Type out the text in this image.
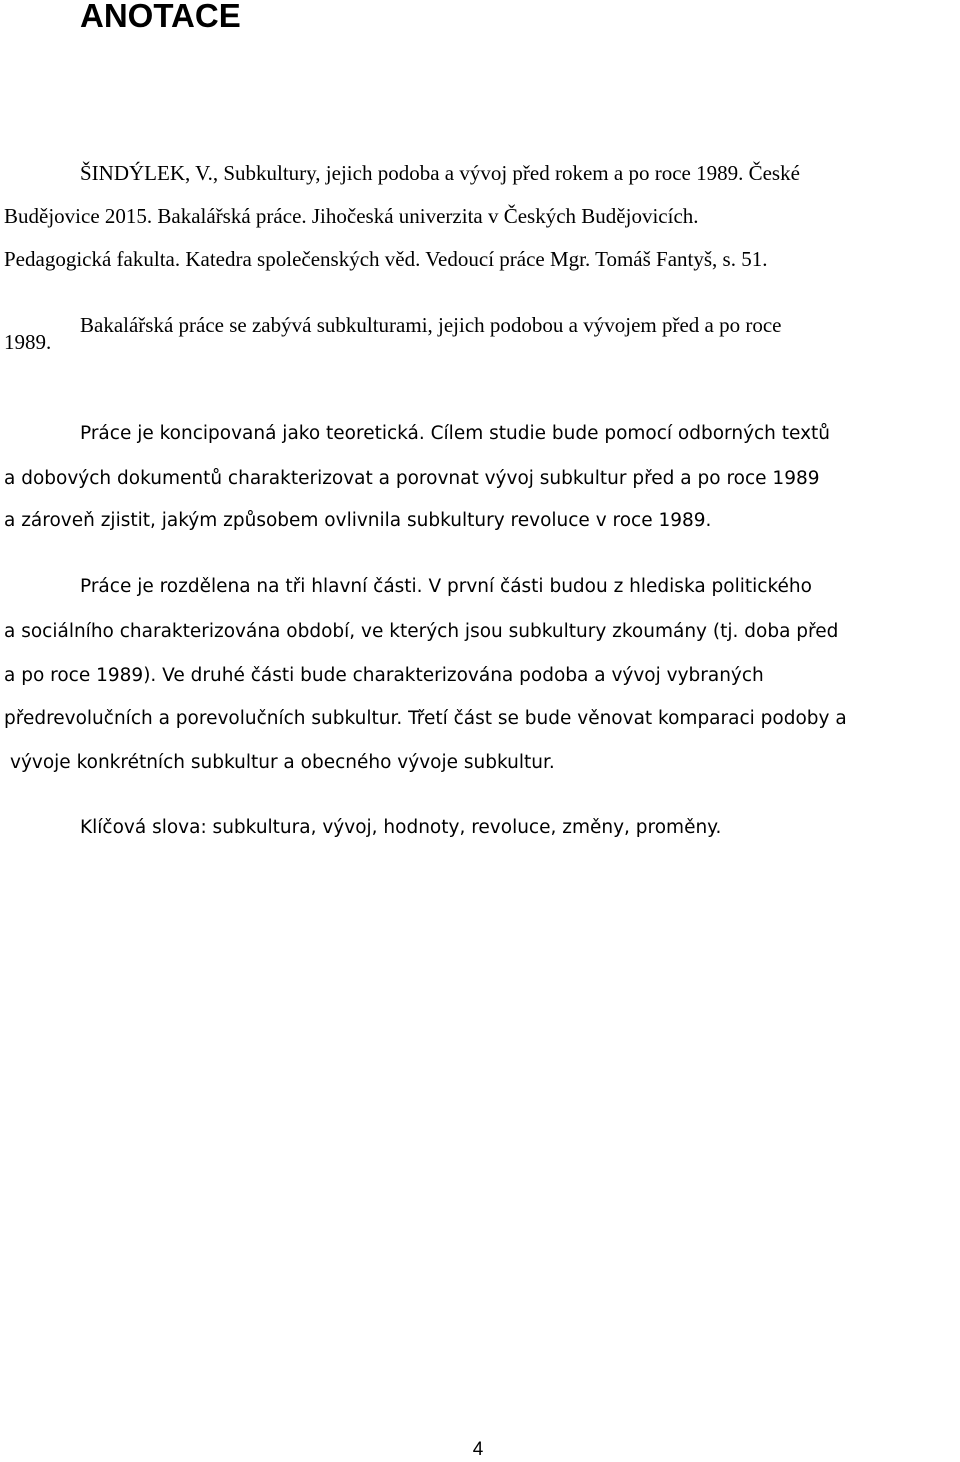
ANOTACE

ŠINDÝLEK, V., Subkultury, jejich podoba a vývoj před rokem a po roce 1989. České

Budějovice 2015. Bakalářská práce. Jihočeská univerzita v Českých Budějovicích.

Pedagogická fakulta. Katedra společenských věd. Vedoucí práce Mgr. Tomáš Fantyš, s. 51.

Bakalářská práce se zabývá subkulturami, jejich podobou a vývojem před a po roce

1989.

Práce je koncipovaná jako teoretická. Cílem studie bude pomocí odborných textů

a dobových dokumentů charakterizovat a porovnat vývoj subkultur před a po roce 1989

a zároveň zjistit, jakým způsobem ovlivnila subkultury revoluce v roce 1989.

Práce je rozdělena na tři hlavní části. V první části budou z hlediska politického

a sociálního charakterizována období, ve kterých jsou subkultury zkoumány (tj. doba před

a po roce 1989). Ve druhé části bude charakterizována podoba a vývoj vybraných

předrevolučních a porevolučních subkultur. Třetí část se bude věnovat komparaci podoby a

vývoje konkrétních subkultur a obecného vývoje subkultur.

Klíčová slova: subkultura, vývoj, hodnoty, revoluce, změny, proměny.

4
